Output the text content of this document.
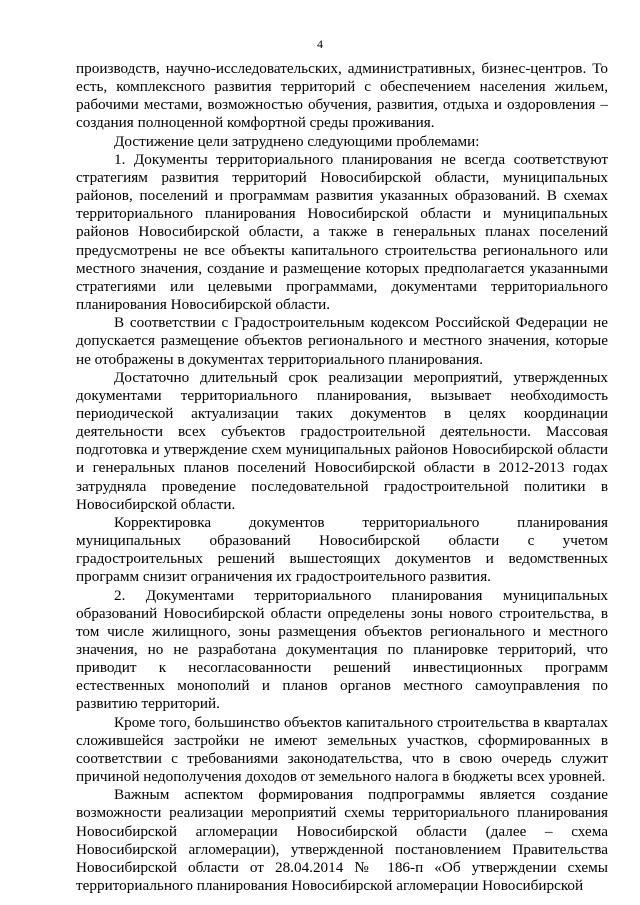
4

производств, научно-исследовательских, административных, бизнес-центров. То есть, комплексного развития территорий с обеспечением населения жильем, рабочими местами, возможностью обучения, развития, отдыха и оздоровления – создания полноценной комфортной среды проживания.

Достижение цели затруднено следующими проблемами:

1. Документы территориального планирования не всегда соответствуют стратегиям развития территорий Новосибирской области, муниципальных районов, поселений и программам развития указанных образований. В схемах территориального планирования Новосибирской области и муниципальных районов Новосибирской области, а также в генеральных планах поселений предусмотрены не все объекты капитального строительства регионального или местного значения, создание и размещение которых предполагается указанными стратегиями или целевыми программами, документами территориального планирования Новосибирской области.

В соответствии с Градостроительным кодексом Российской Федерации не допускается размещение объектов регионального и местного значения, которые не отображены в документах территориального планирования.

Достаточно длительный срок реализации мероприятий, утвержденных документами территориального планирования, вызывает необходимость периодической актуализации таких документов в целях координации деятельности всех субъектов градостроительной деятельности. Массовая подготовка и утверждение схем муниципальных районов Новосибирской области и генеральных планов поселений Новосибирской области в 2012-2013 годах затрудняла проведение последовательной градостроительной политики в Новосибирской области.

Корректировка документов территориального планирования муниципальных образований Новосибирской области с учетом градостроительных решений вышестоящих документов и ведомственных программ снизит ограничения их градостроительного развития.

2. Документами территориального планирования муниципальных образований Новосибирской области определены зоны нового строительства, в том числе жилищного, зоны размещения объектов регионального и местного значения, но не разработана документация по планировке территорий, что приводит к несогласованности решений инвестиционных программ естественных монополий и планов органов местного самоуправления по развитию территорий.

Кроме того, большинство объектов капитального строительства в кварталах сложившейся застройки не имеют земельных участков, сформированных в соответствии с требованиями законодательства, что в свою очередь служит причиной недополучения доходов от земельного налога в бюджеты всех уровней.

Важным аспектом формирования подпрограммы является создание возможности реализации мероприятий схемы территориального планирования Новосибирской агломерации Новосибирской области (далее – схема Новосибирской агломерации), утвержденной постановлением Правительства Новосибирской области от 28.04.2014 № 186-п «Об утверждении схемы территориального планирования Новосибирской агломерации Новосибирской
